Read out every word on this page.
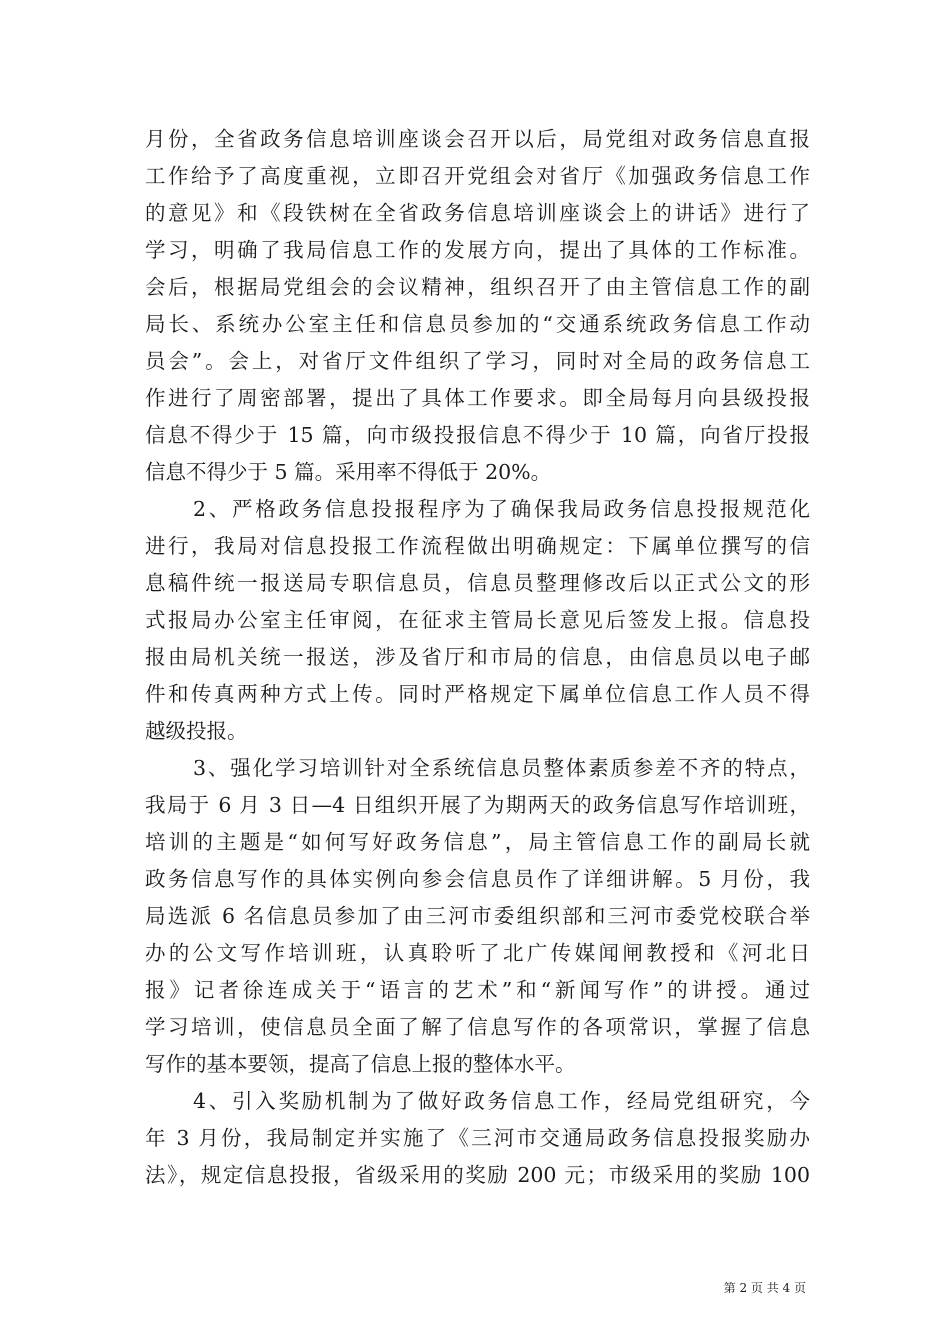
月份，全省政务信息培训座谈会召开以后，局党组对政务信息直报
工作给予了高度重视，立即召开党组会对省厅《加强政务信息工作
的意见》和《段铁树在全省政务信息培训座谈会上的讲话》进行了
学习，明确了我局信息工作的发展方向，提出了具体的工作标准。
会后，根据局党组会的会议精神，组织召开了由主管信息工作的副
局长、系统办公室主任和信息员参加的“交通系统政务信息工作动
员会”。会上，对省厅文件组织了学习，同时对全局的政务信息工
作进行了周密部署，提出了具体工作要求。即全局每月向县级投报
信息不得少于 15 篇，向市级投报信息不得少于 10 篇，向省厅投报
信息不得少于 5 篇。采用率不得低于 20%。
2、严格政务信息投报程序为了确保我局政务信息投报规范化
进行，我局对信息投报工作流程做出明确规定：下属单位撰写的信
息稿件统一报送局专职信息员，信息员整理修改后以正式公文的形
式报局办公室主任审阅，在征求主管局长意见后签发上报。信息投
报由局机关统一报送，涉及省厅和市局的信息，由信息员以电子邮
件和传真两种方式上传。同时严格规定下属单位信息工作人员不得
越级投报。
3、强化学习培训针对全系统信息员整体素质参差不齐的特点，
我局于 6 月 3 日—4 日组织开展了为期两天的政务信息写作培训班，
培训的主题是“如何写好政务信息”，局主管信息工作的副局长就
政务信息写作的具体实例向参会信息员作了详细讲解。5 月份，我
局选派 6 名信息员参加了由三河市委组织部和三河市委党校联合举
办的公文写作培训班，认真聆听了北广传媒闻闸教授和《河北日
报》记者徐连成关于“语言的艺术”和“新闻写作”的讲授。通过
学习培训，使信息员全面了解了信息写作的各项常识，掌握了信息
写作的基本要领，提高了信息上报的整体水平。
4、引入奖励机制为了做好政务信息工作，经局党组研究，今
年 3 月份，我局制定并实施了《三河市交通局政务信息投报奖励办
法》，规定信息投报，省级采用的奖励 200 元；市级采用的奖励 100
第 2 页 共 4 页
